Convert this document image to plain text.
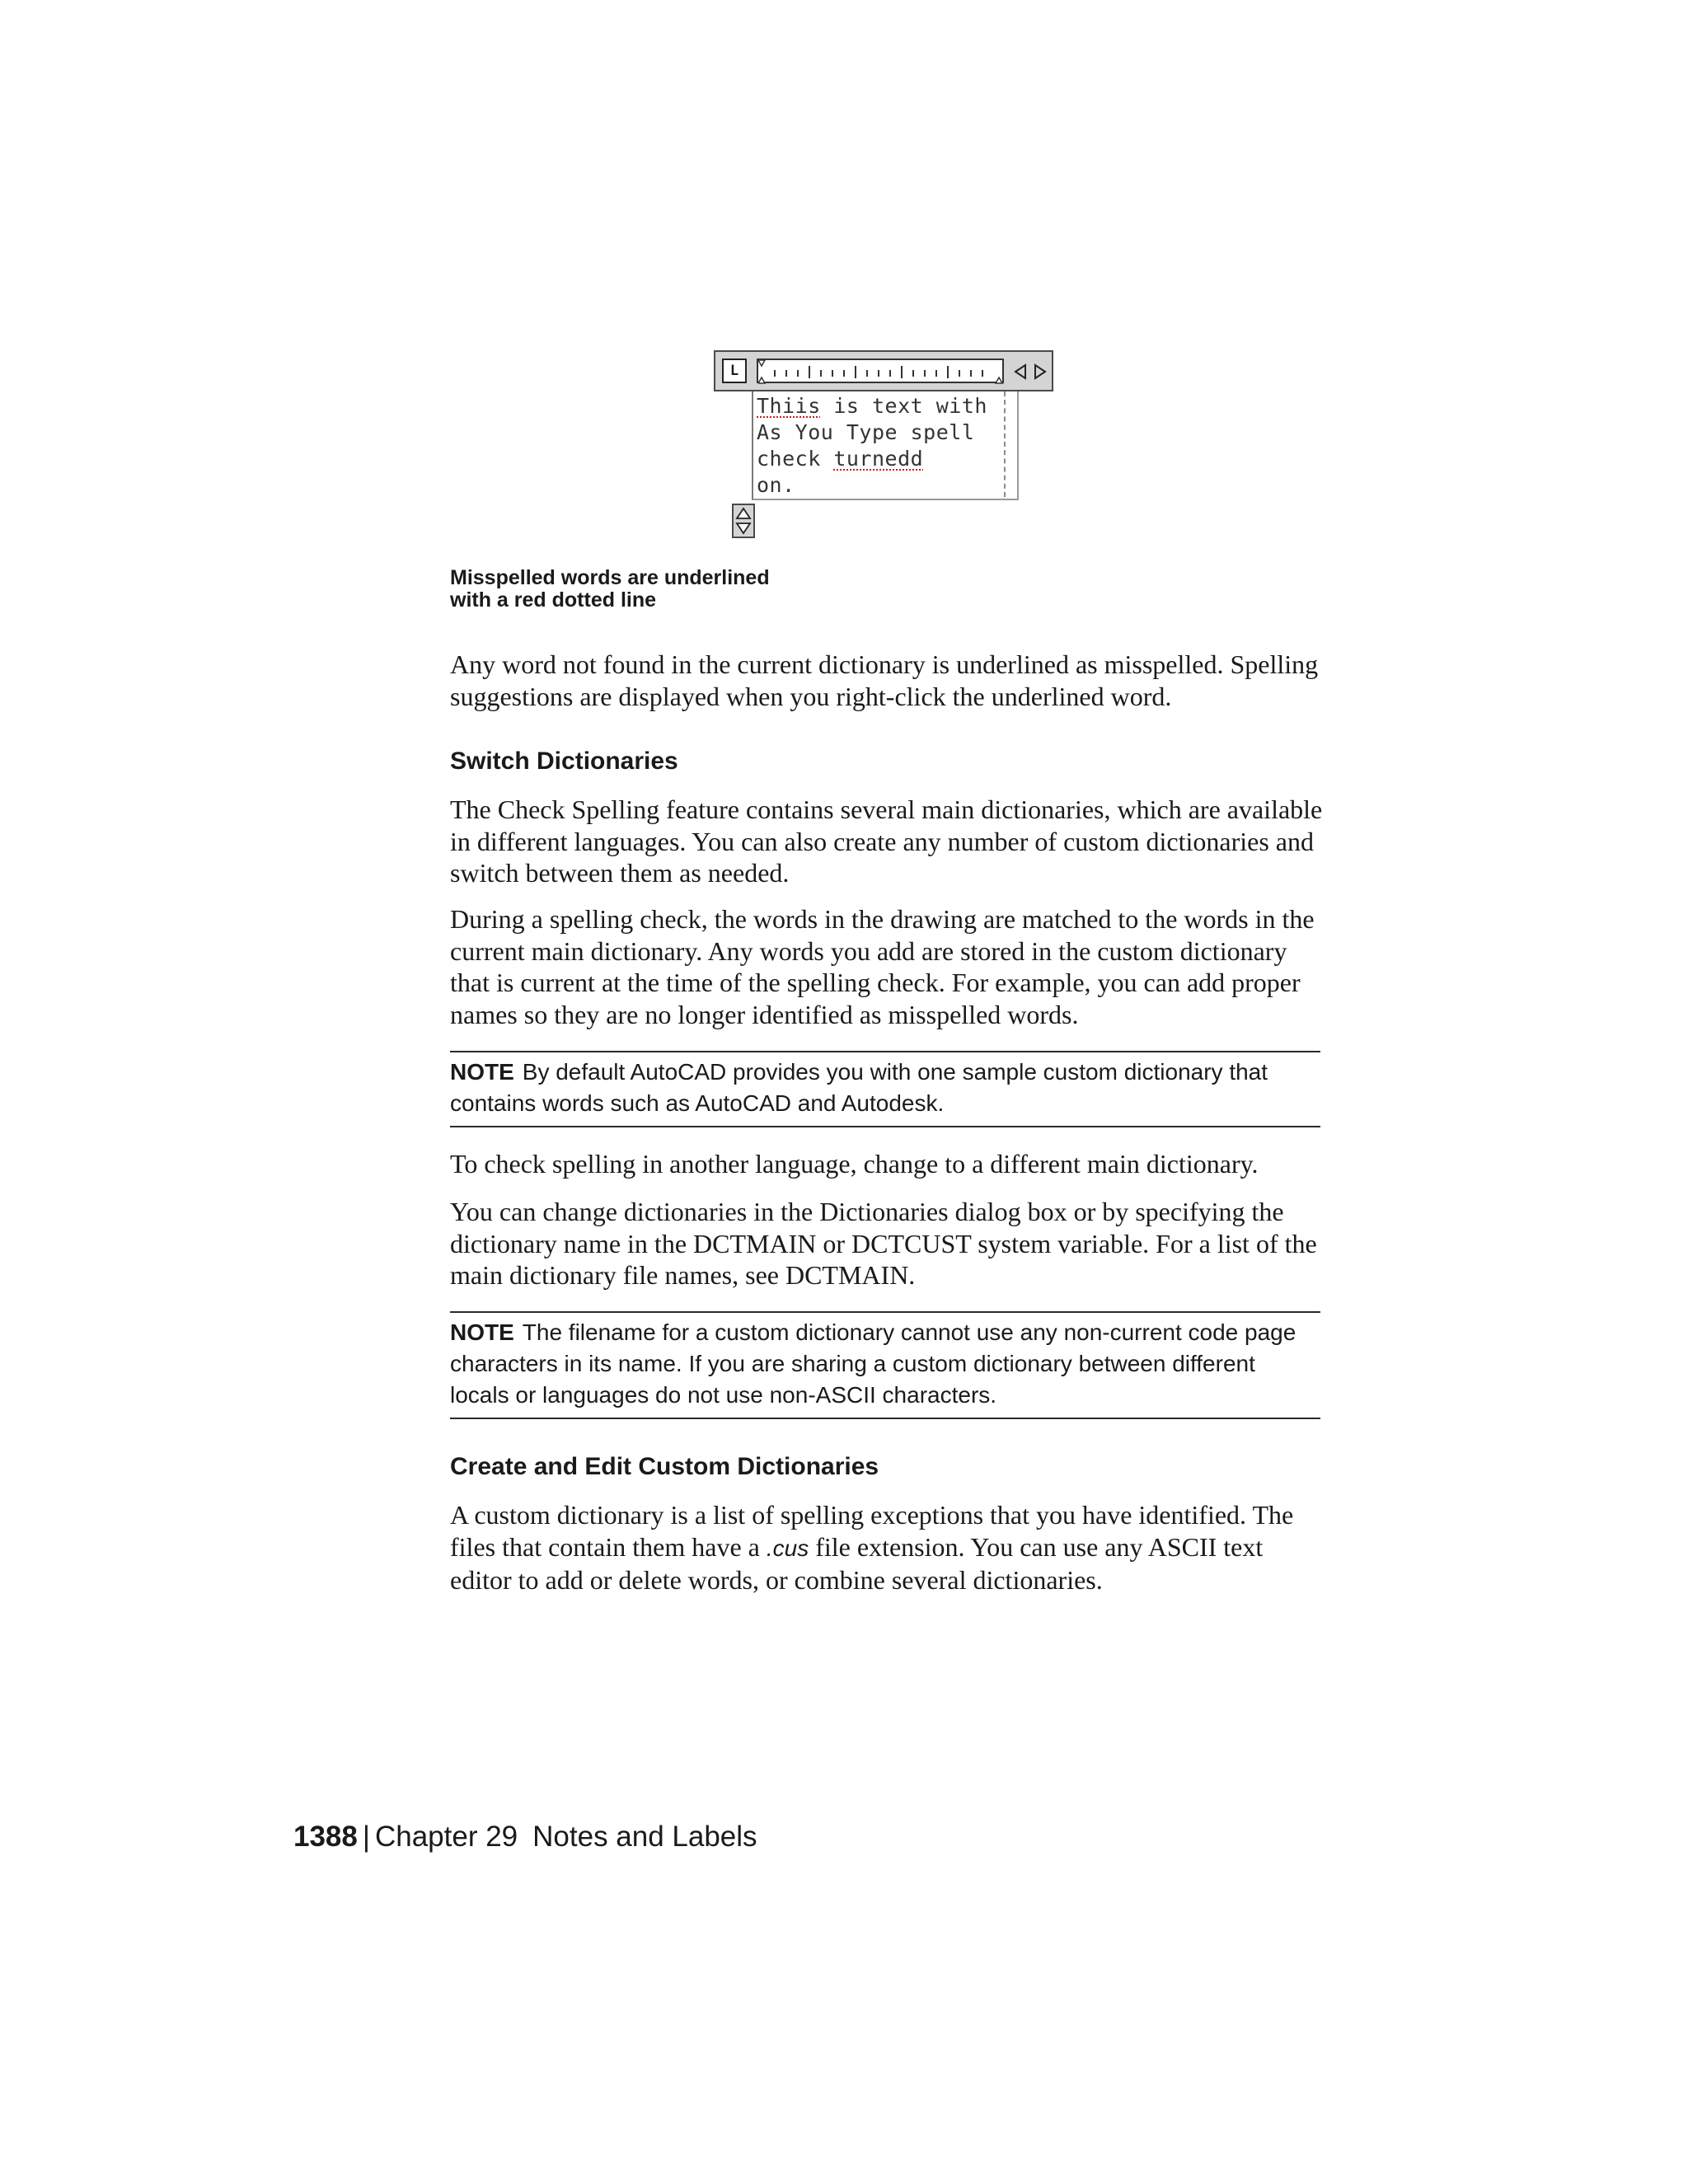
L
Thiis is text with
As You Type spell
check turnedd
on.
Misspelled words are underlined
with a red dotted line

Any word not found in the current dictionary is underlined as misspelled. Spelling suggestions are displayed when you right-click the underlined word.

Switch Dictionaries

The Check Spelling feature contains several main dictionaries, which are available in different languages. You can also create any number of custom dictionaries and switch between them as needed.

During a spelling check, the words in the drawing are matched to the words in the current main dictionary. Any words you add are stored in the custom dictionary that is current at the time of the spelling check. For example, you can add proper names so they are no longer identified as misspelled words.

NOTE By default AutoCAD provides you with one sample custom dictionary that contains words such as AutoCAD and Autodesk.

To check spelling in another language, change to a different main dictionary.

You can change dictionaries in the Dictionaries dialog box or by specifying the dictionary name in the DCTMAIN or DCTCUST system variable. For a list of the main dictionary file names, see DCTMAIN.

NOTE The filename for a custom dictionary cannot use any non-current code page characters in its name. If you are sharing a custom dictionary between different locals or languages do not use non-ASCII characters.
Create and Edit Custom Dictionaries

A custom dictionary is a list of spelling exceptions that you have identified. The files that contain them have a .cus file extension. You can use any ASCII text editor to add or delete words, or combine several dictionaries.

1388 | Chapter 29 Notes and Labels
